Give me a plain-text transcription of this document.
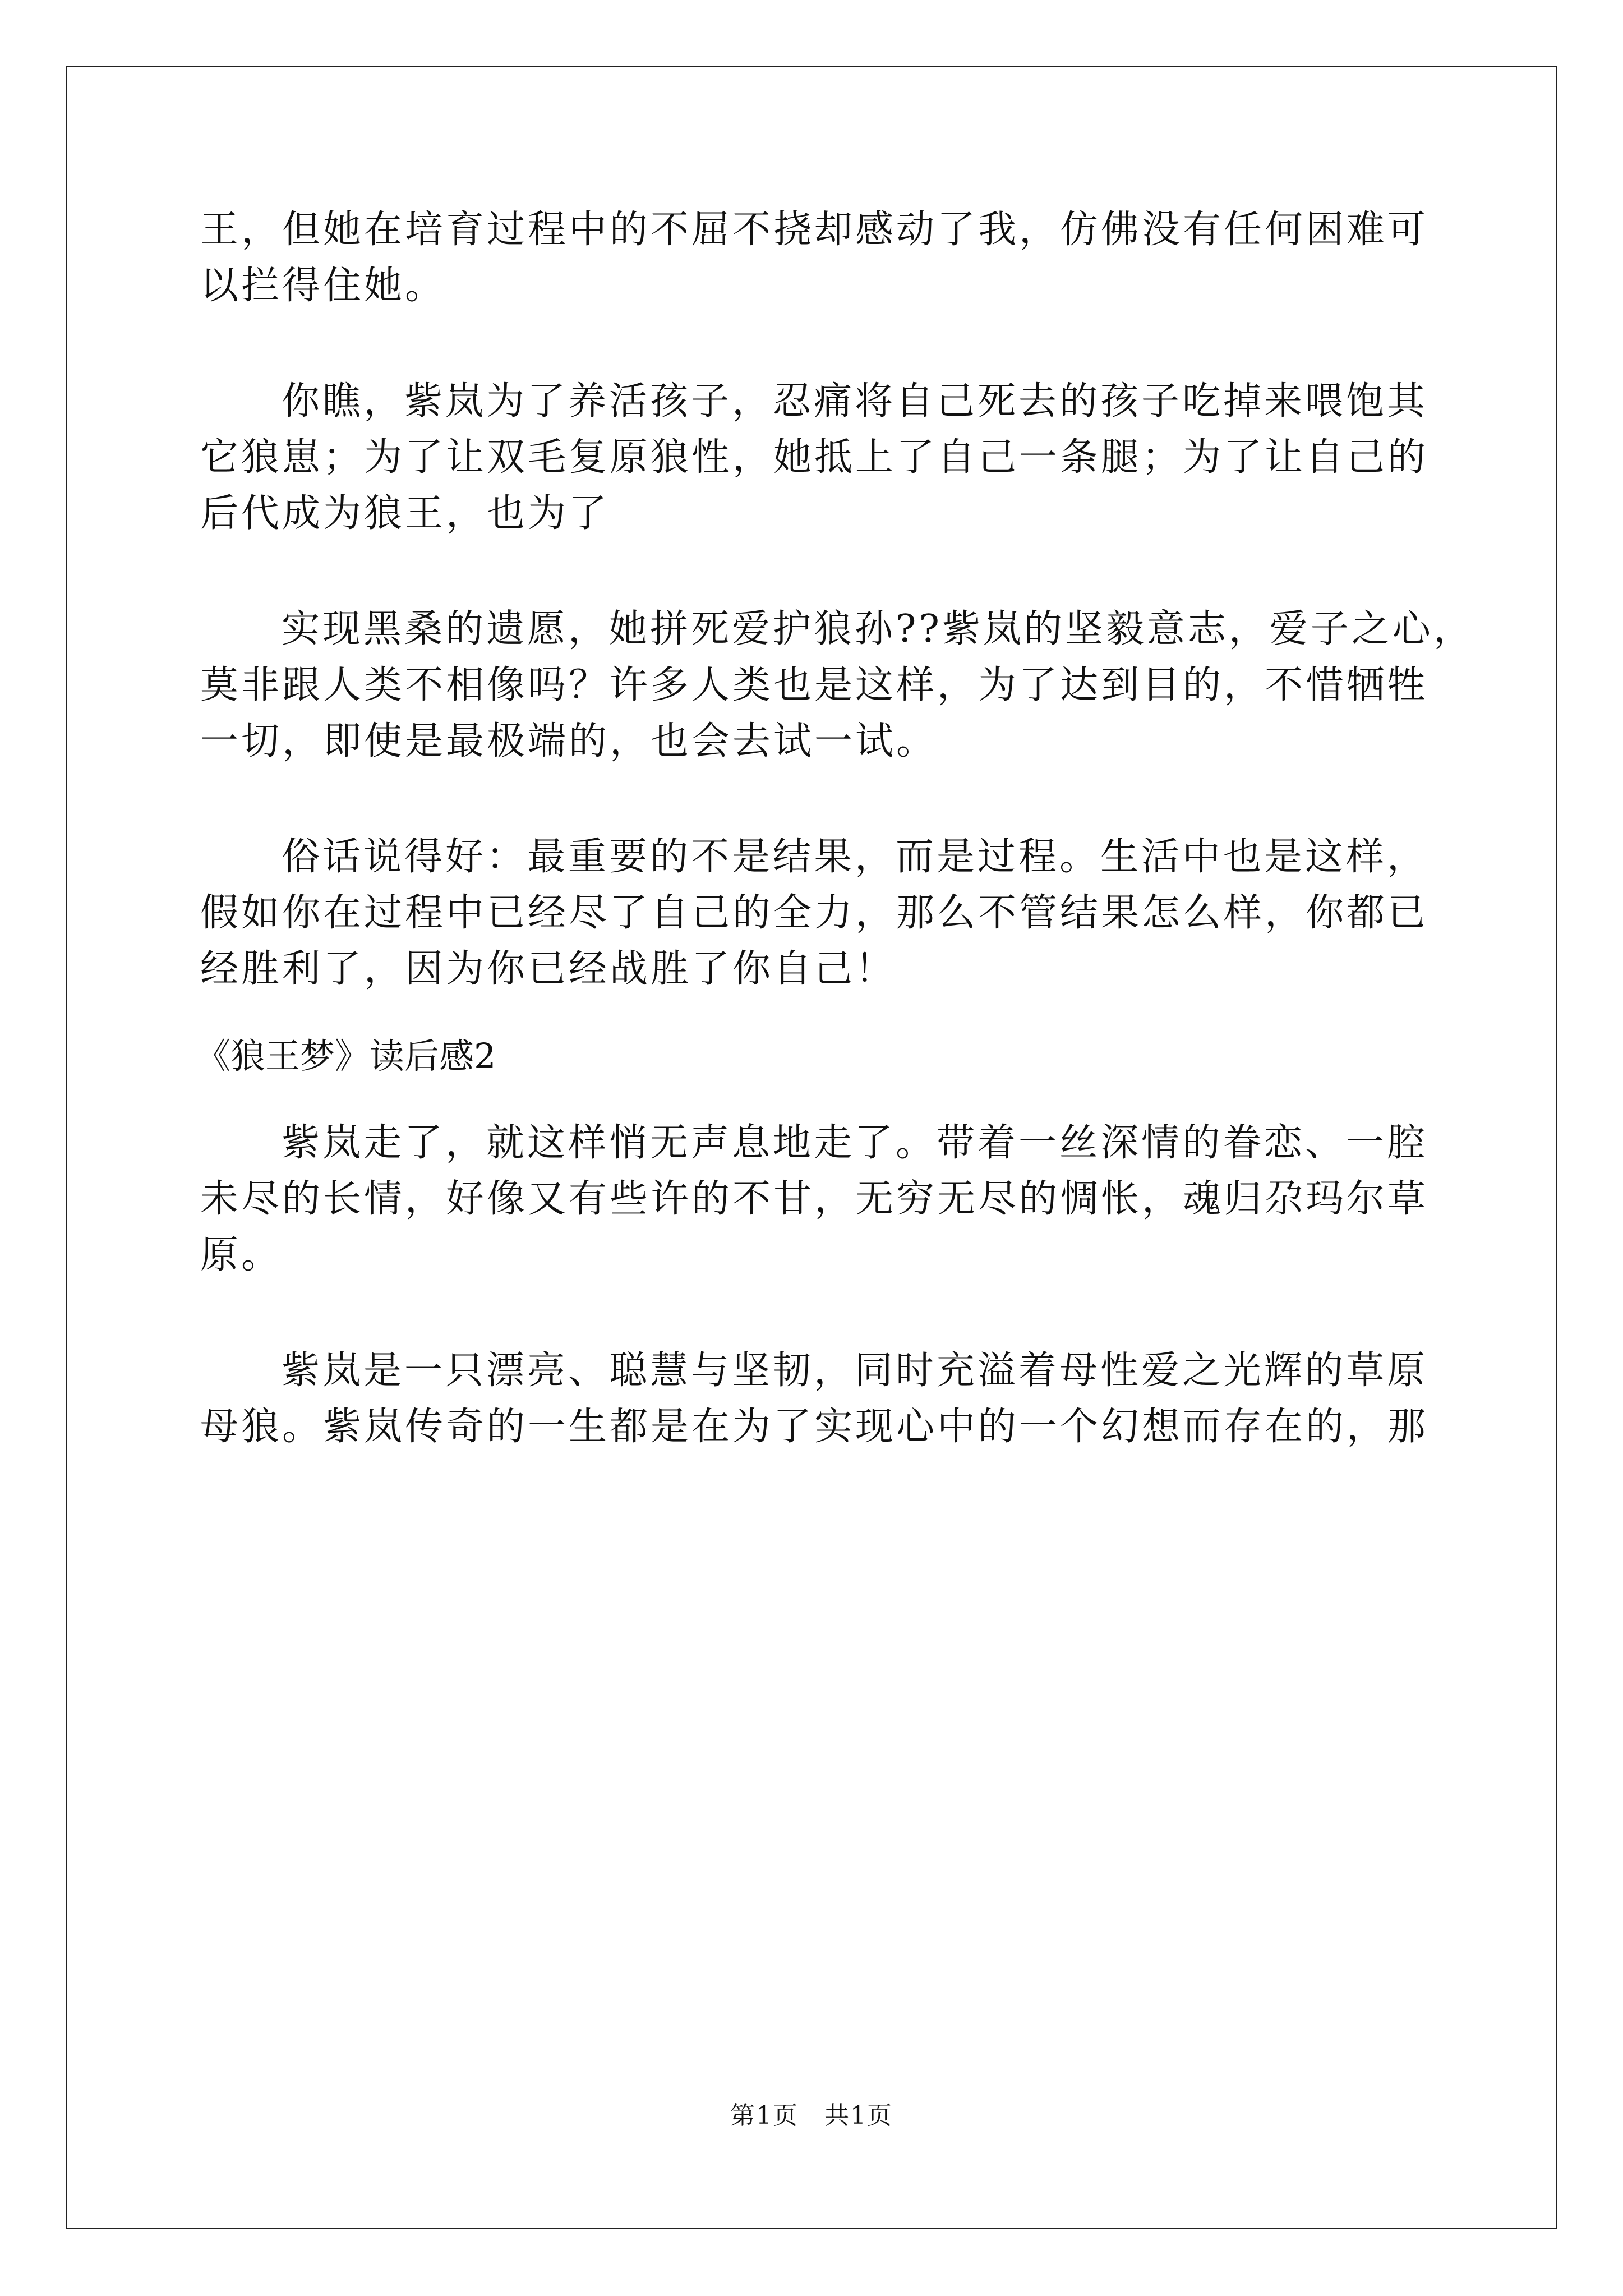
王，但她在培育过程中的不屈不挠却感动了我，仿佛没有任何困难可
以拦得住她。
你瞧，紫岚为了养活孩子，忍痛将自己死去的孩子吃掉来喂饱其
它狼崽；为了让双毛复原狼性，她抵上了自己一条腿；为了让自己的
后代成为狼王，也为了
实现黑桑的遗愿，她拼死爱护狼孙??紫岚的坚毅意志，爱子之心，
莫非跟人类不相像吗？许多人类也是这样，为了达到目的，不惜牺牲
一切，即使是最极端的，也会去试一试。
俗话说得好：最重要的不是结果，而是过程。生活中也是这样，
假如你在过程中已经尽了自己的全力，那么不管结果怎么样，你都已
经胜利了，因为你已经战胜了你自己！
《狼王梦》读后感2
紫岚走了，就这样悄无声息地走了。带着一丝深情的眷恋、一腔
未尽的长情，好像又有些许的不甘，无穷无尽的惆怅，魂归尕玛尔草
原。
紫岚是一只漂亮、聪慧与坚韧，同时充溢着母性爱之光辉的草原
母狼。紫岚传奇的一生都是在为了实现心中的一个幻想而存在的，那
第1页　共1页
